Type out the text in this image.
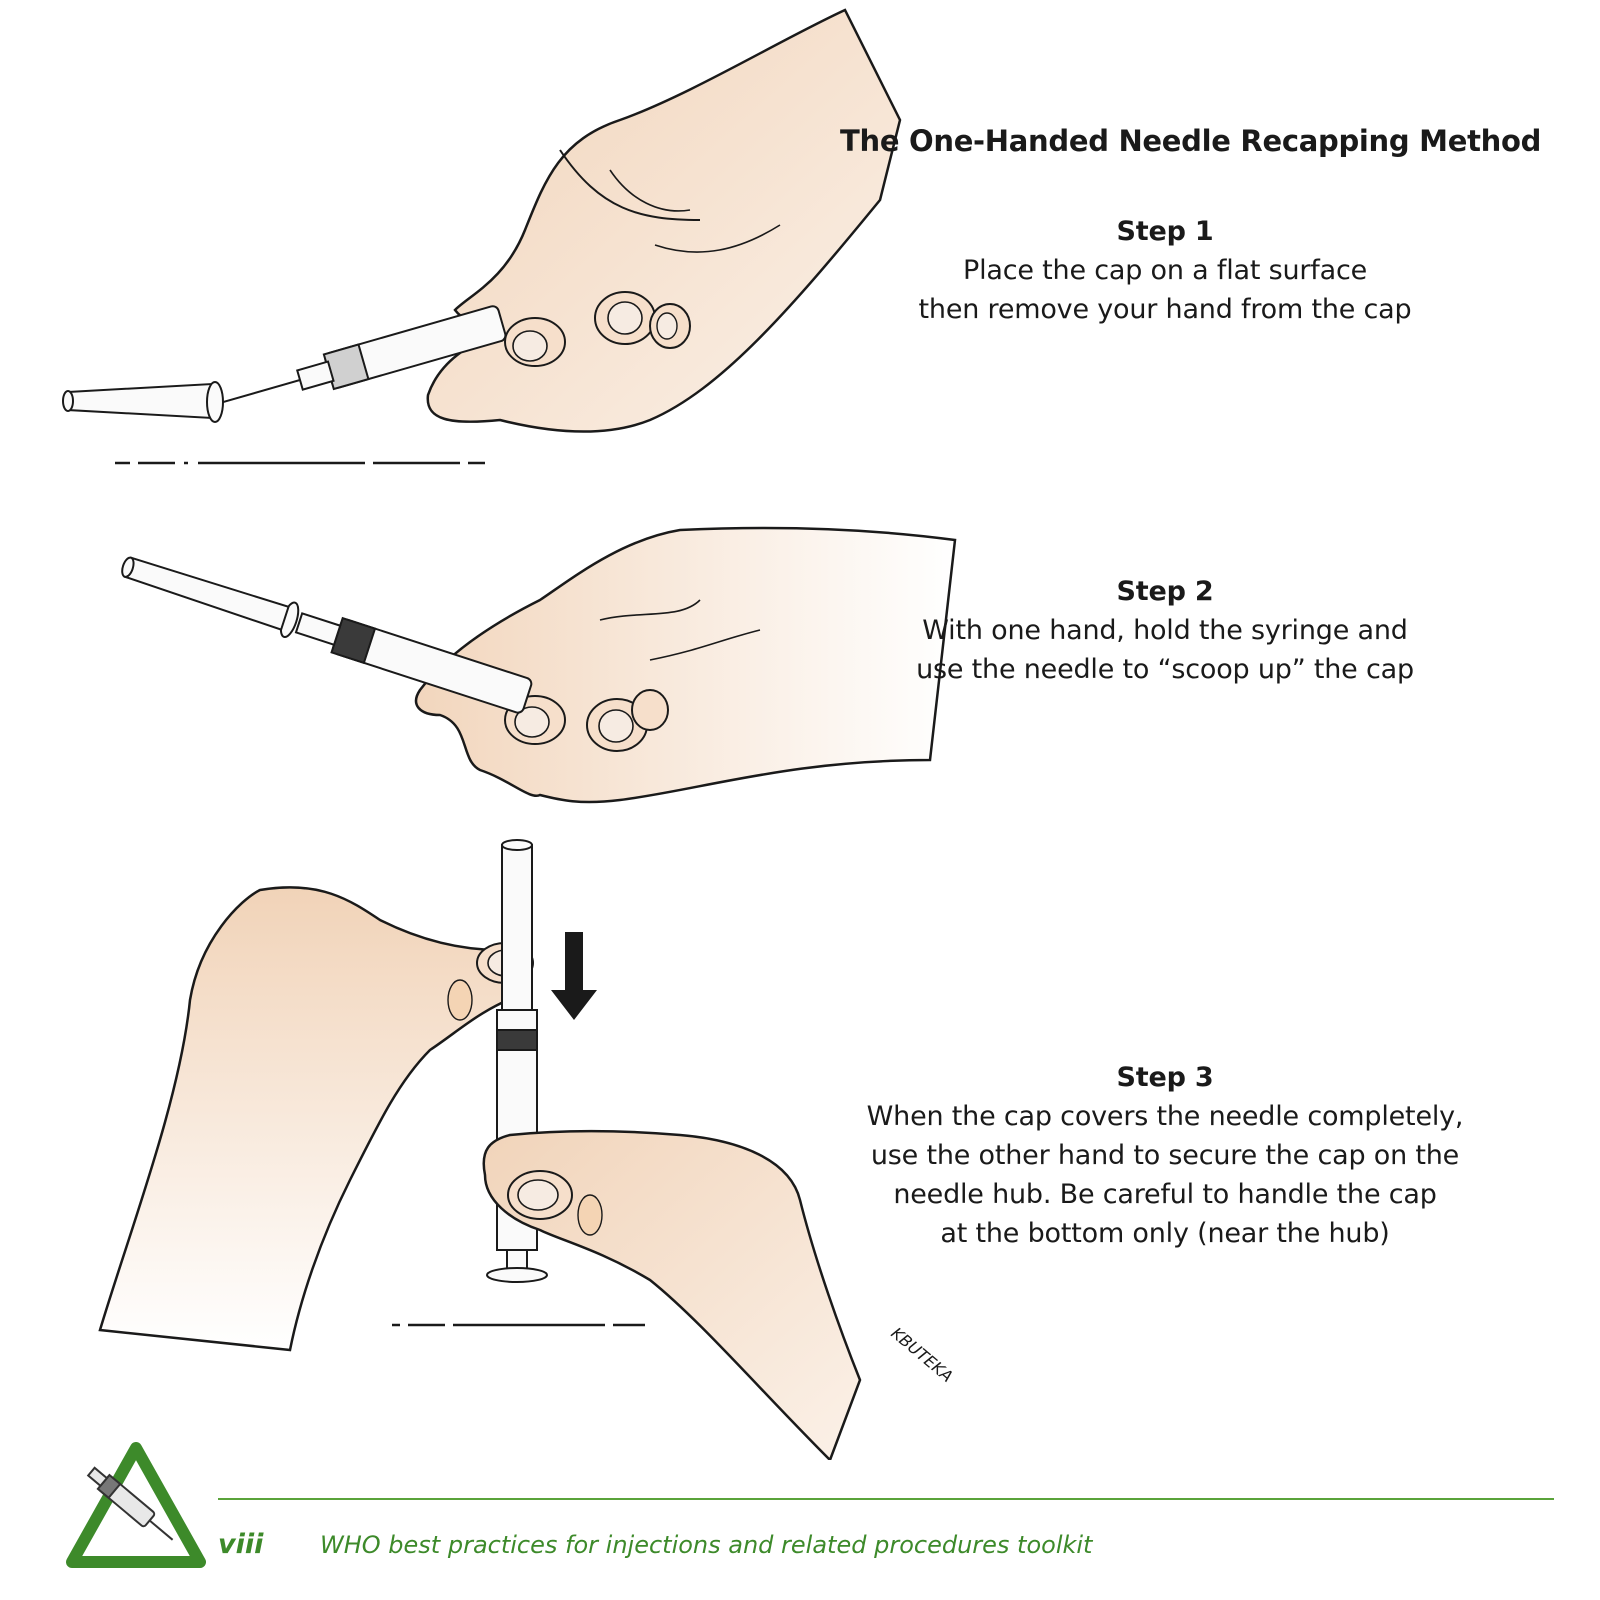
KBUTEKA
The One-Handed Needle Recapping Method
Step 1
Place the cap on a flat surface
then remove your hand from the cap
Step 2
With one hand, hold the syringe and
use the needle to “scoop up” the cap
Step 3
When the cap covers the needle completely,
use the other hand to secure the cap on the
needle hub. Be careful to handle the cap
at the bottom only (near the hub)
viii WHO best practices for injections and related procedures toolkit
